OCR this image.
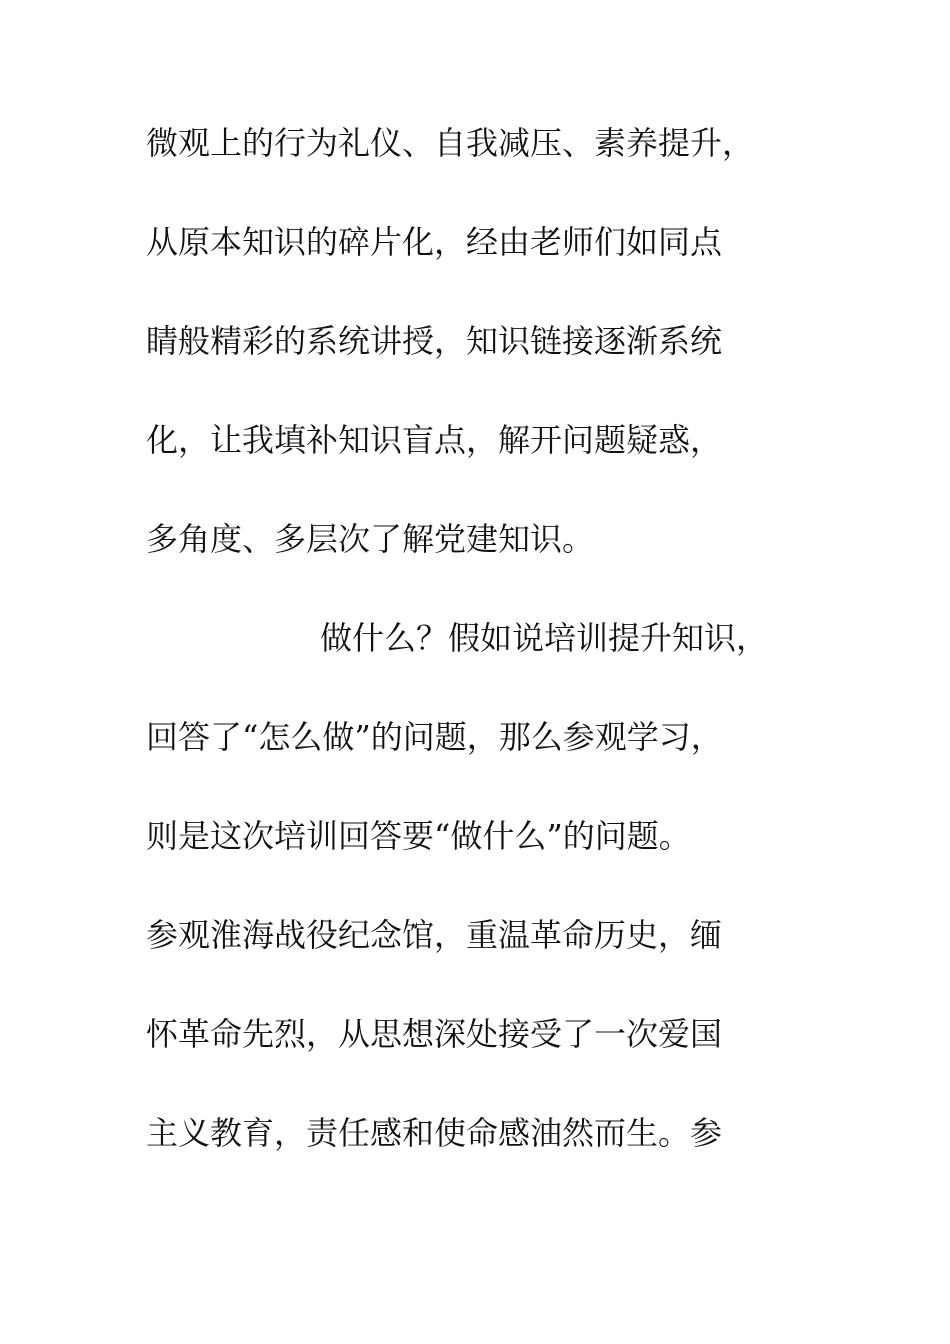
微观上的行为礼仪、自我减压、素养提升，
从原本知识的碎片化，经由老师们如同点
睛般精彩的系统讲授，知识链接逐渐系统
化，让我填补知识盲点，解开问题疑惑，
多角度、多层次了解党建知识。
做什么？假如说培训提升知识，
回答了“怎么做”的问题，那么参观学习，
则是这次培训回答要“做什么”的问题。
参观淮海战役纪念馆，重温革命历史，缅
怀革命先烈，从思想深处接受了一次爱国
主义教育，责任感和使命感油然而生。参
